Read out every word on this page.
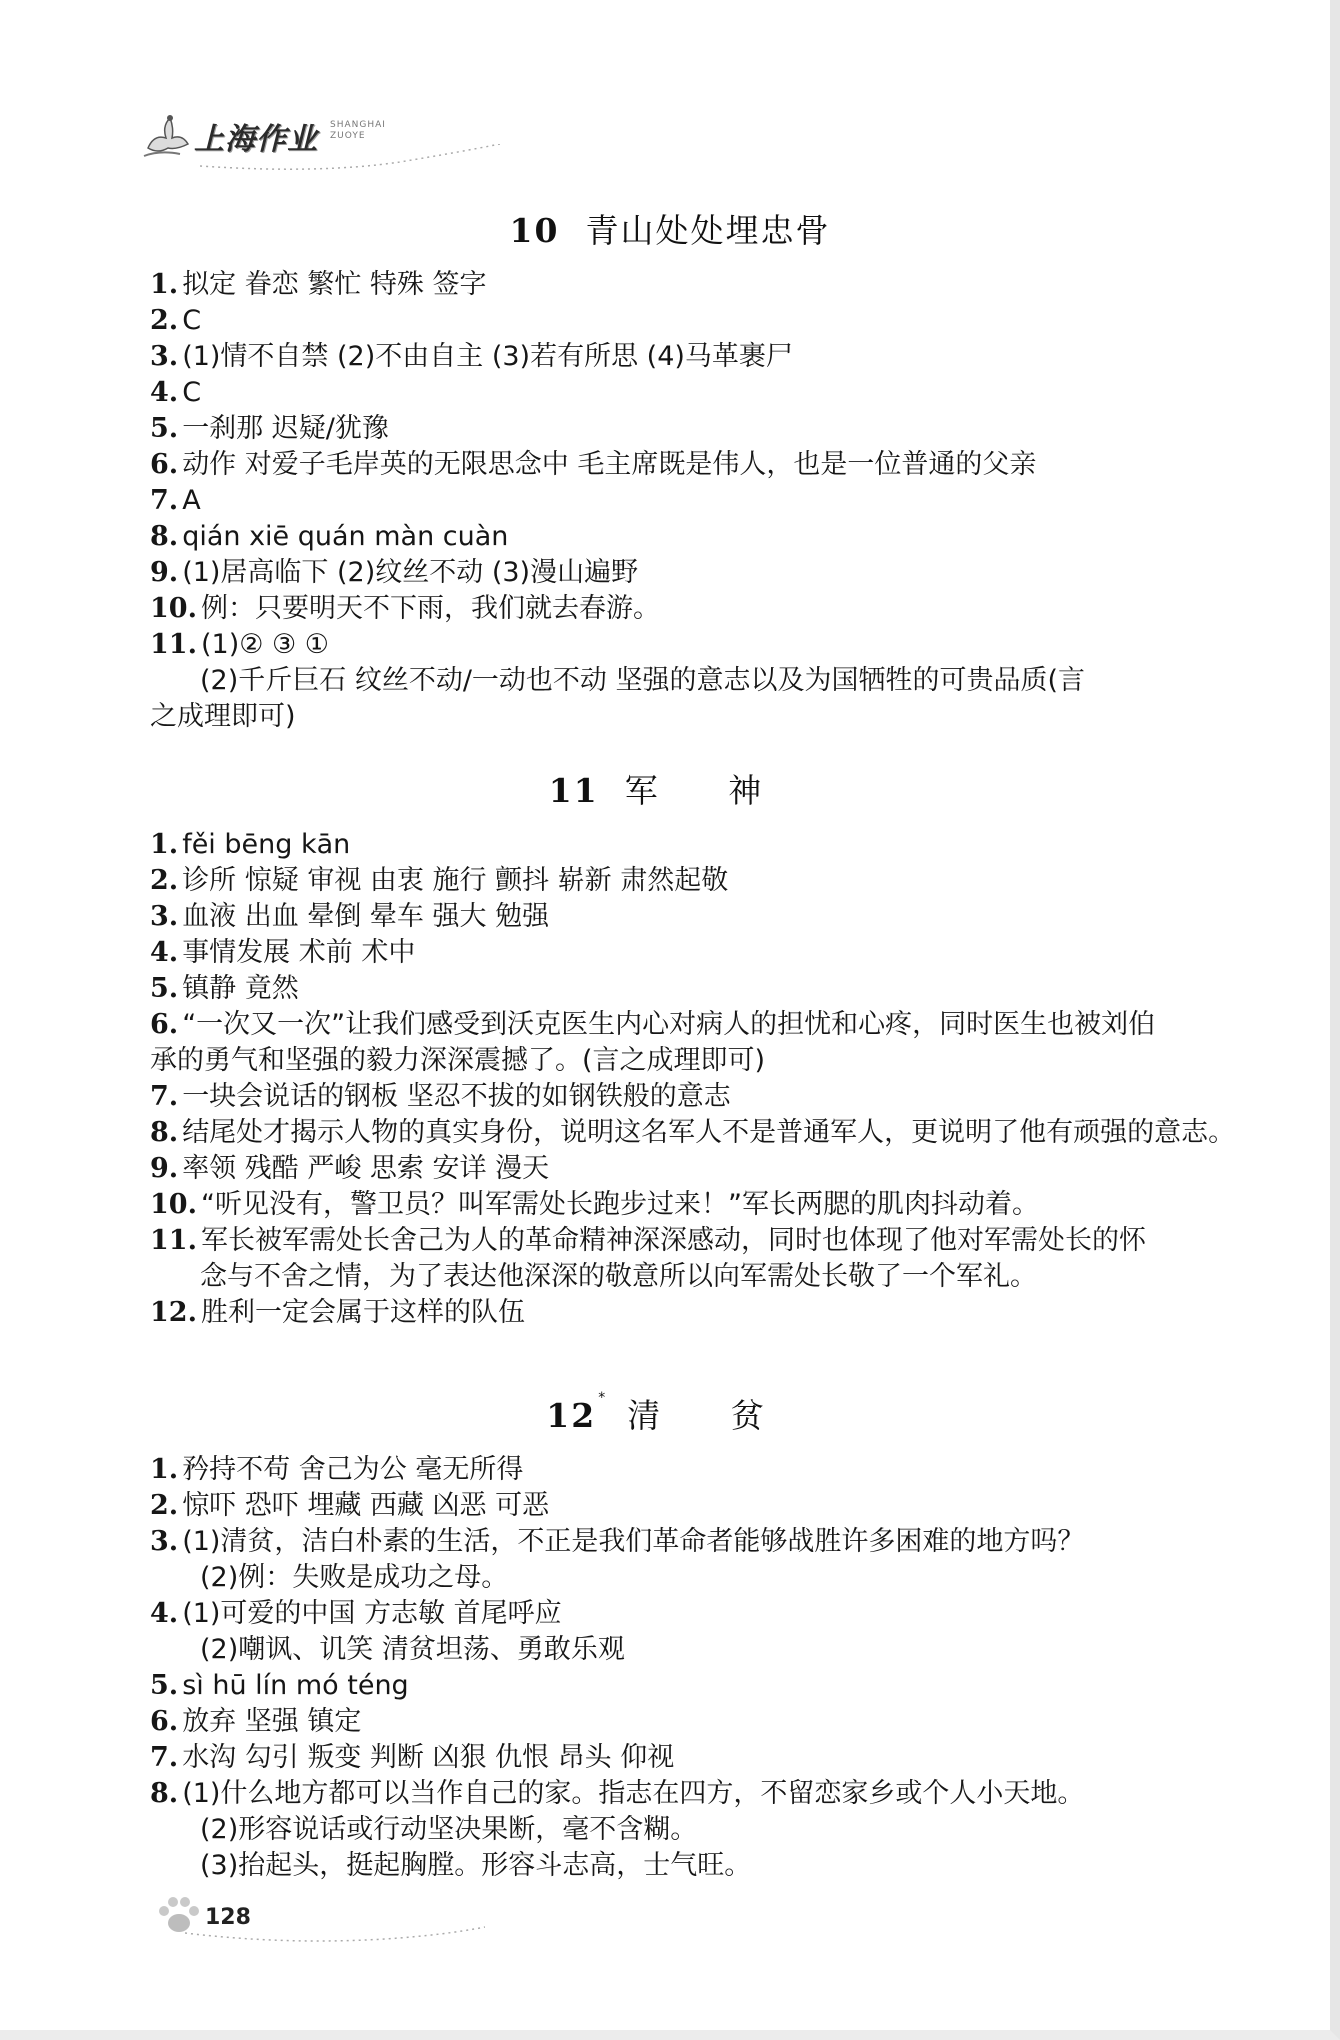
上海作业 SHANGHAI
ZUOYE
10 青山处处埋忠骨
1. 拟定 眷恋 繁忙 特殊 签字
2. C
3. (1)情不自禁 (2)不由自主 (3)若有所思 (4)马革裹尸
4. C
5. 一刹那 迟疑/犹豫
6. 动作 对爱子毛岸英的无限思念中 毛主席既是伟人，也是一位普通的父亲
7. A
8. qián xiē quán màn cuàn
9. (1)居高临下 (2)纹丝不动 (3)漫山遍野
10. 例：只要明天不下雨，我们就去春游。
11. (1)② ③ ①
(2)千斤巨石 纹丝不动/一动也不动 坚强的意志以及为国牺牲的可贵品质(言
之成理即可)
11 军 神
1. fěi bēng kān
2. 诊所 惊疑 审视 由衷 施行 颤抖 崭新 肃然起敬
3. 血液 出血 晕倒 晕车 强大 勉强
4. 事情发展 术前 术中
5. 镇静 竟然
6. “一次又一次”让我们感受到沃克医生内心对病人的担忧和心疼，同时医生也被刘伯
承的勇气和坚强的毅力深深震撼了。(言之成理即可)
7. 一块会说话的钢板 坚忍不拔的如钢铁般的意志
8. 结尾处才揭示人物的真实身份，说明这名军人不是普通军人，更说明了他有顽强的意志。
9. 率领 残酷 严峻 思索 安详 漫天
10. “听见没有，警卫员？叫军需处长跑步过来！”军长两腮的肌肉抖动着。
11. 军长被军需处长舍己为人的革命精神深深感动，同时也体现了他对军需处长的怀
念与不舍之情，为了表达他深深的敬意所以向军需处长敬了一个军礼。
12. 胜利一定会属于这样的队伍
12 * 清 贫
1. 矜持不苟 舍己为公 毫无所得
2. 惊吓 恐吓 埋藏 西藏 凶恶 可恶
3. (1)清贫，洁白朴素的生活，不正是我们革命者能够战胜许多困难的地方吗？
(2)例：失败是成功之母。
4. (1)可爱的中国 方志敏 首尾呼应
(2)嘲讽、讥笑 清贫坦荡、勇敢乐观
5. sì hū lín mó téng
6. 放弃 坚强 镇定
7. 水沟 勾引 叛变 判断 凶狠 仇恨 昂头 仰视
8. (1)什么地方都可以当作自己的家。指志在四方，不留恋家乡或个人小天地。
(2)形容说话或行动坚决果断，毫不含糊。
(3)抬起头，挺起胸膛。形容斗志高，士气旺。
128
